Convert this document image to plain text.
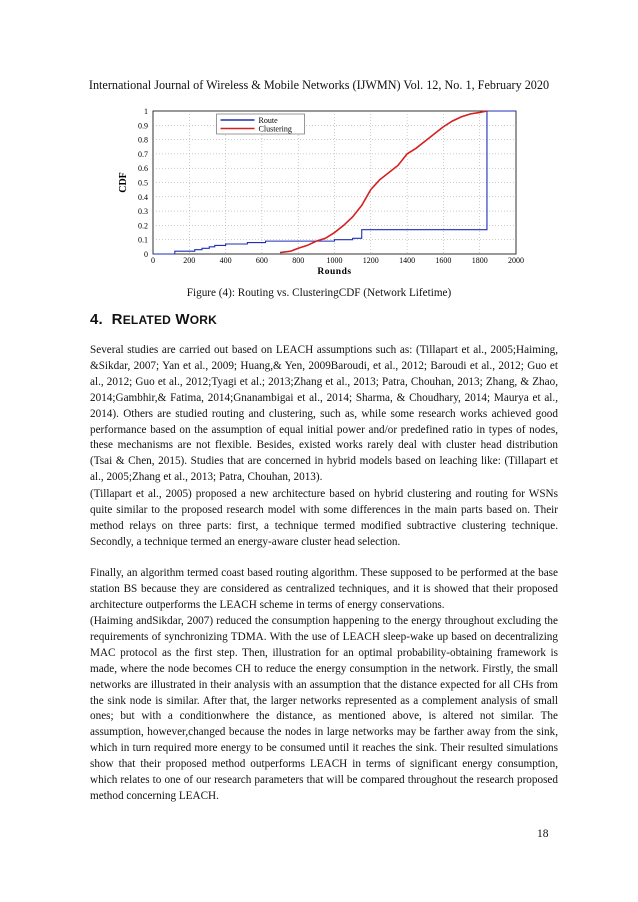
International Journal of Wireless & Mobile Networks (IJWMN) Vol. 12, No. 1, February 2020
0	200	400	600	800	1000	1200	1400	1600	1800	2000
0
0.1
0.2
0.3
0.4
0.5
0.6
0.7
0.8
0.9
1
Rounds
CDF
Route
Clustering
Figure (4): Routing vs. ClusteringCDF (Network Lifetime)
4. RELATED WORK

Several studies are carried out based on LEACH assumptions such as: (Tillapart et al., 2005;Haiming, &Sikdar, 2007; Yan et al., 2009; Huang,& Yen, 2009Baroudi, et al., 2012; Baroudi et al., 2012; Guo et al., 2012; Guo et al., 2012;Tyagi et al.; 2013;Zhang et al., 2013; Patra, Chouhan, 2013; Zhang, & Zhao, 2014;Gambhir,& Fatima, 2014;Gnanambigai et al., 2014; Sharma, & Choudhary, 2014; Maurya et al., 2014). Others are studied routing and clustering, such as, while some research works achieved good performance based on the assumption of equal initial power and/or predefined ratio in types of nodes, these mechanisms are not flexible. Besides, existed works rarely deal with cluster head distribution (Tsai & Chen, 2015). Studies that are concerned in hybrid models based on leaching like: (Tillapart et al., 2005;Zhang et al., 2013; Patra, Chouhan, 2013).

(Tillapart et al., 2005) proposed a new architecture based on hybrid clustering and routing for WSNs quite similar to the proposed research model with some differences in the main parts based on. Their method relays on three parts: first, a technique termed modified subtractive clustering technique. Secondly, a technique termed an energy-aware cluster head selection.

Finally, an algorithm termed coast based routing algorithm. These supposed to be performed at the base station BS because they are considered as centralized techniques, and it is showed that their proposed architecture outperforms the LEACH scheme in terms of energy conservations.

(Haiming andSikdar, 2007) reduced the consumption happening to the energy throughout excluding the requirements of synchronizing TDMA. With the use of LEACH sleep-wake up based on decentralizing MAC protocol as the first step. Then, illustration for an optimal probability-obtaining framework is made, where the node becomes CH to reduce the energy consumption in the network. Firstly, the small networks are illustrated in their analysis with an assumption that the distance expected for all CHs from the sink node is similar. After that, the larger networks represented as a complement analysis of small ones; but with a conditionwhere the distance, as mentioned above, is altered not similar. The assumption, however,changed because the nodes in large networks may be farther away from the sink, which in turn required more energy to be consumed until it reaches the sink. Their resulted simulations show that their proposed method outperforms LEACH in terms of significant energy consumption, which relates to one of our research parameters that will be compared throughout the research proposed method concerning LEACH.

18
